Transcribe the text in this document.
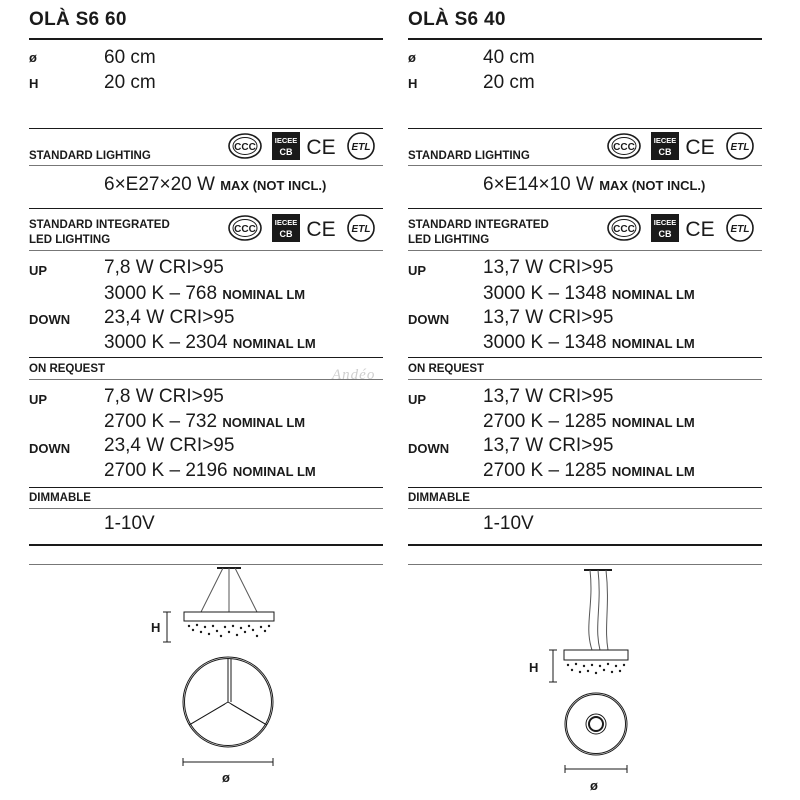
OLÀ S6 60
ø	60 cm
H	20 cm
STANDARD LIGHTING
CCC
IECEE
CB CE ETL
6×E27×20 W MAX (NOT INCL.)
STANDARD INTEGRATED
LED LIGHTING
CCC
IECEE
CB CE ETL
UP	7,8 W CRI>95
3000 K – 768 NOMINAL LM
DOWN 23,4 W CRI>95
3000 K – 2304 NOMINAL LM
ON REQUEST
UP	7,8 W CRI>95
2700 K – 732 NOMINAL LM
DOWN 23,4 W CRI>95
2700 K – 2196 NOMINAL LM
DIMMABLE
1-10V
H
ø
Andéo
OLÀ S6 40
ø	40 cm
H	20 cm
STANDARD LIGHTING
CCC
IECEE
CB CE ETL
6×E14×10 W MAX (NOT INCL.)
STANDARD INTEGRATED
LED LIGHTING
CCC
IECEE
CB CE ETL
UP	13,7 W CRI>95
3000 K – 1348 NOMINAL LM
DOWN 13,7 W CRI>95
3000 K – 1348 NOMINAL LM
ON REQUEST
UP	13,7 W CRI>95
2700 K – 1285 NOMINAL LM
DOWN 13,7 W CRI>95
2700 K – 1285 NOMINAL LM
DIMMABLE
1-10V
H
ø
